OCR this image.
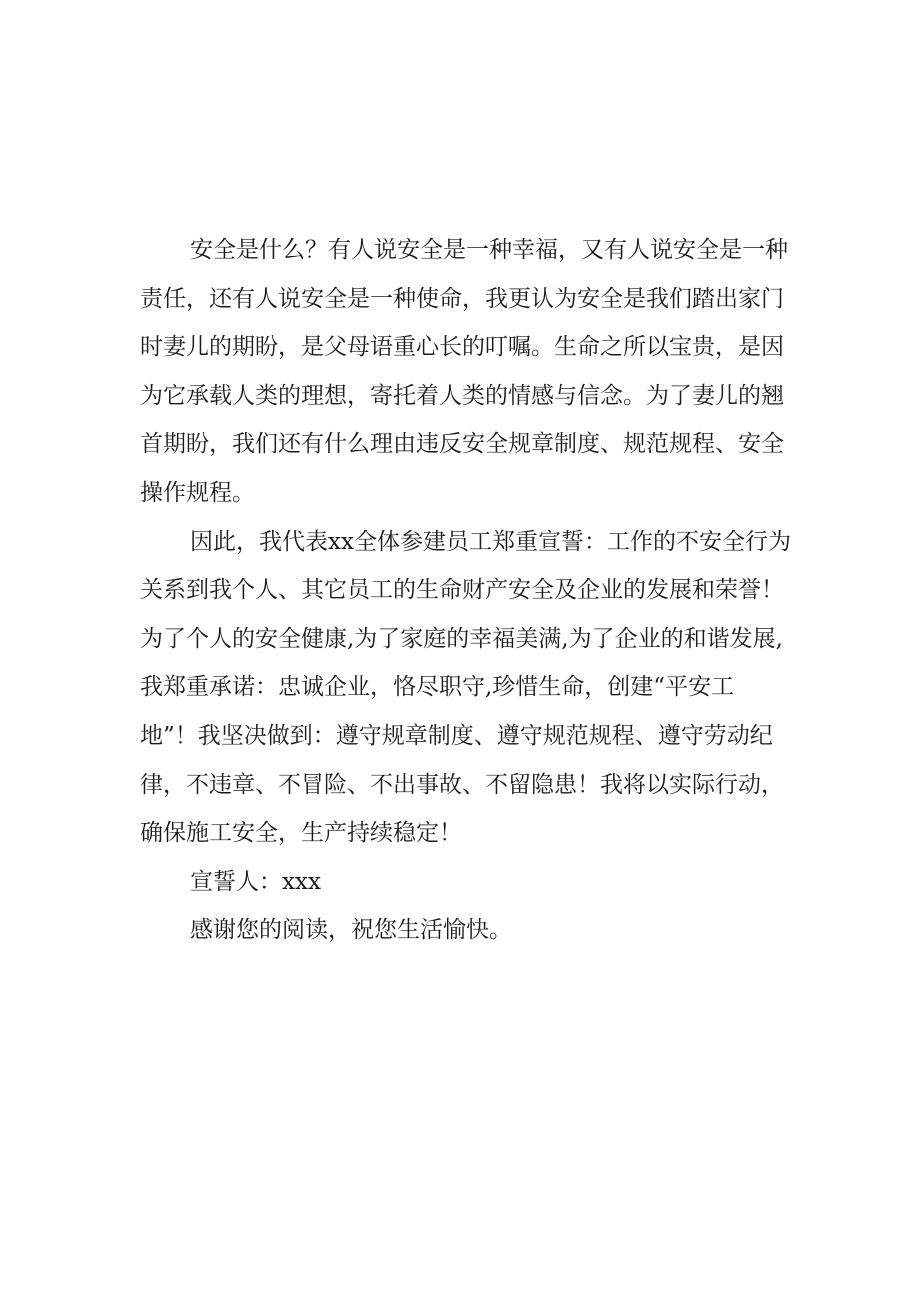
安全是什么？有人说安全是一种幸福，又有人说安全是一种
责任，还有人说安全是一种使命，我更认为安全是我们踏出家门
时妻儿的期盼，是父母语重心长的叮嘱。生命之所以宝贵，是因
为它承载人类的理想，寄托着人类的情感与信念。为了妻儿的翘
首期盼，我们还有什么理由违反安全规章制度、规范规程、安全
操作规程。
因此，我代表xx全体参建员工郑重宣誓：工作的不安全行为
关系到我个人、其它员工的生命财产安全及企业的发展和荣誉！
为了个人的安全健康,为了家庭的幸福美满,为了企业的和谐发展,
我郑重承诺：忠诚企业，恪尽职守,珍惜生命，创建“平安工
地”！我坚决做到：遵守规章制度、遵守规范规程、遵守劳动纪
律，不违章、不冒险、不出事故、不留隐患！我将以实际行动，
确保施工安全，生产持续稳定！
宣誓人：xxx
感谢您的阅读，祝您生活愉快。
